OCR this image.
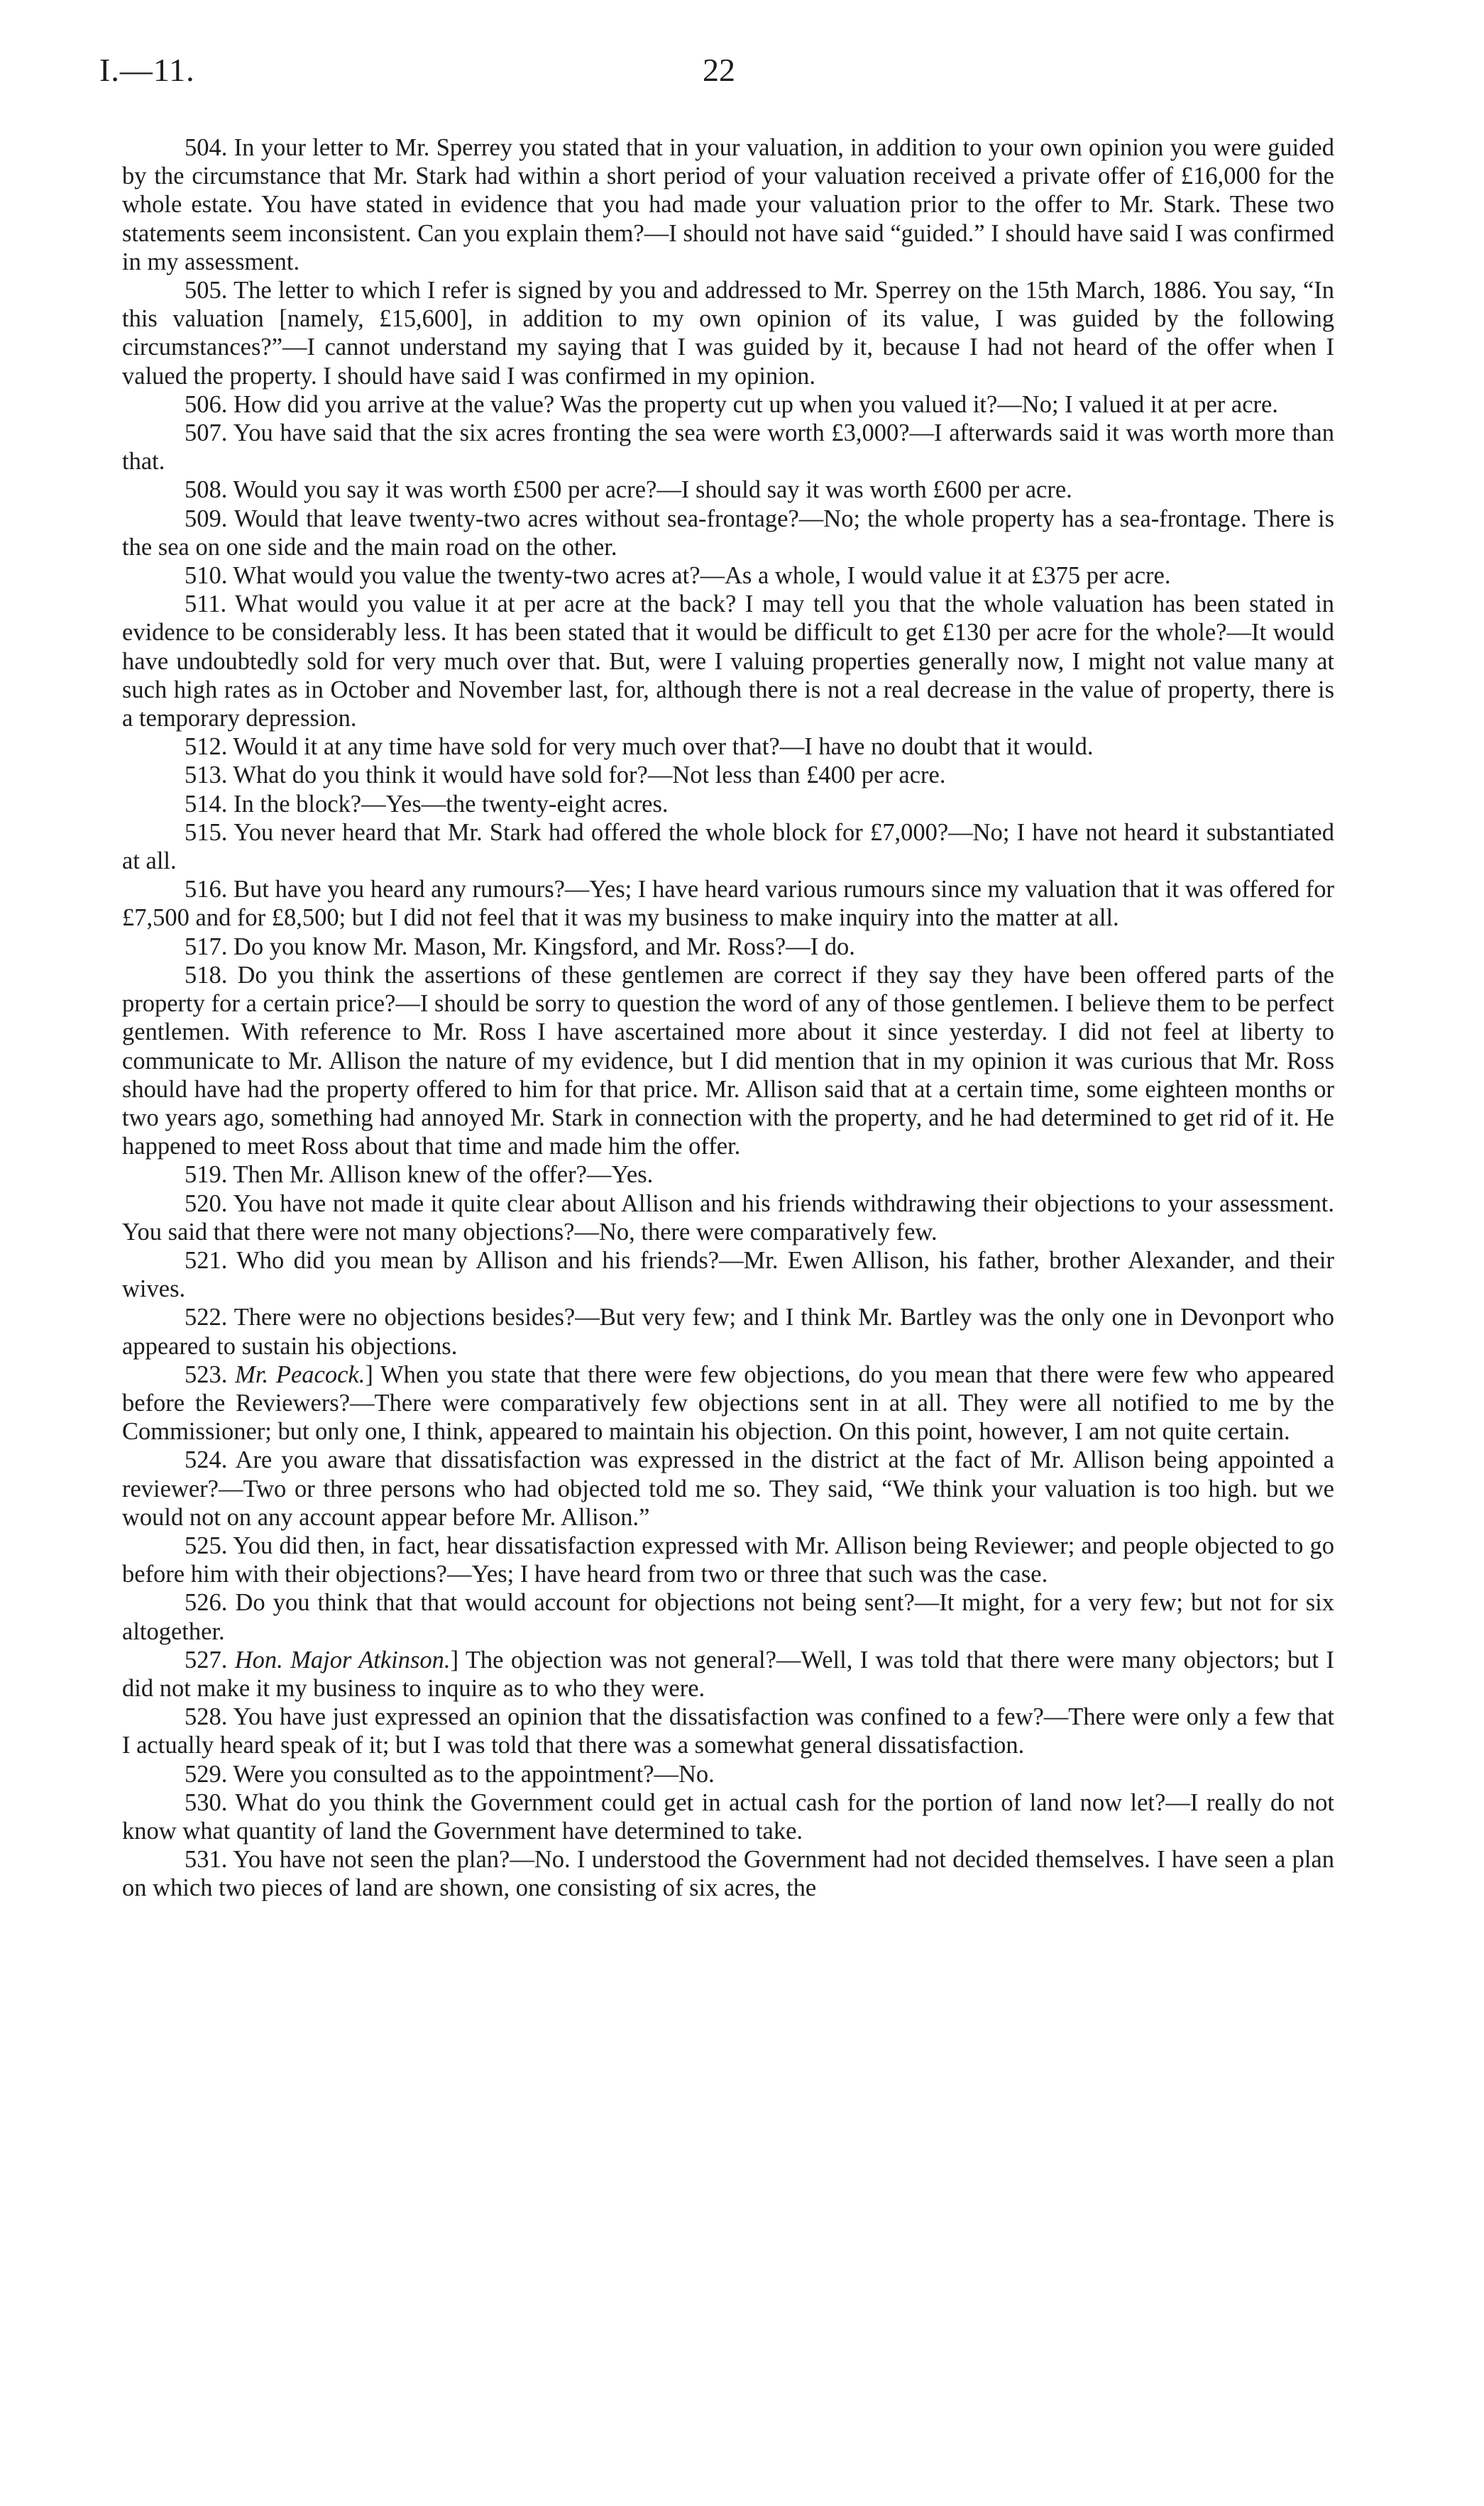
I.—11.	22

504. In your letter to Mr. Sperrey you stated that in your valuation, in addition to your own opinion you were guided by the circumstance that Mr. Stark had within a short period of your valuation received a private offer of £16,000 for the whole estate. You have stated in evidence that you had made your valuation prior to the offer to Mr. Stark. These two statements seem inconsistent. Can you explain them?—I should not have said “guided.” I should have said I was confirmed in my assessment.

505. The letter to which I refer is signed by you and addressed to Mr. Sperrey on the 15th March, 1886. You say, “In this valuation [namely, £15,600], in addition to my own opinion of its value, I was guided by the following circumstances?”—I cannot understand my saying that I was guided by it, because I had not heard of the offer when I valued the property. I should have said I was confirmed in my opinion.

506. How did you arrive at the value? Was the property cut up when you valued it?—No; I valued it at per acre.

507. You have said that the six acres fronting the sea were worth £3,000?—I afterwards said it was worth more than that.

508. Would you say it was worth £500 per acre?—I should say it was worth £600 per acre.

509. Would that leave twenty-two acres without sea-frontage?—No; the whole property has a sea-frontage. There is the sea on one side and the main road on the other.

510. What would you value the twenty-two acres at?—As a whole, I would value it at £375 per acre.

511. What would you value it at per acre at the back? I may tell you that the whole valuation has been stated in evidence to be considerably less. It has been stated that it would be difficult to get £130 per acre for the whole?—It would have undoubtedly sold for very much over that. But, were I valuing properties generally now, I might not value many at such high rates as in October and November last, for, although there is not a real decrease in the value of property, there is a temporary depression.

512. Would it at any time have sold for very much over that?—I have no doubt that it would.

513. What do you think it would have sold for?—Not less than £400 per acre.

514. In the block?—Yes—the twenty-eight acres.

515. You never heard that Mr. Stark had offered the whole block for £7,000?—No; I have not heard it substantiated at all.

516. But have you heard any rumours?—Yes; I have heard various rumours since my valuation that it was offered for £7,500 and for £8,500; but I did not feel that it was my business to make inquiry into the matter at all.

517. Do you know Mr. Mason, Mr. Kingsford, and Mr. Ross?—I do.

518. Do you think the assertions of these gentlemen are correct if they say they have been offered parts of the property for a certain price?—I should be sorry to question the word of any of those gentlemen. I believe them to be perfect gentlemen. With reference to Mr. Ross I have ascertained more about it since yesterday. I did not feel at liberty to communicate to Mr. Allison the nature of my evidence, but I did mention that in my opinion it was curious that Mr. Ross should have had the property offered to him for that price. Mr. Allison said that at a certain time, some eighteen months or two years ago, something had annoyed Mr. Stark in connection with the property, and he had determined to get rid of it. He happened to meet Ross about that time and made him the offer.

519. Then Mr. Allison knew of the offer?—Yes.

520. You have not made it quite clear about Allison and his friends withdrawing their objections to your assessment. You said that there were not many objections?—No, there were comparatively few.

521. Who did you mean by Allison and his friends?—Mr. Ewen Allison, his father, brother Alexander, and their wives.

522. There were no objections besides?—But very few; and I think Mr. Bartley was the only one in Devonport who appeared to sustain his objections.

523. Mr. Peacock.] When you state that there were few objections, do you mean that there were few who appeared before the Reviewers?—There were comparatively few objections sent in at all. They were all notified to me by the Commissioner; but only one, I think, appeared to maintain his objection. On this point, however, I am not quite certain.

524. Are you aware that dissatisfaction was expressed in the district at the fact of Mr. Allison being appointed a reviewer?—Two or three persons who had objected told me so. They said, “We think your valuation is too high. but we would not on any account appear before Mr. Allison.”

525. You did then, in fact, hear dissatisfaction expressed with Mr. Allison being Reviewer; and people objected to go before him with their objections?—Yes; I have heard from two or three that such was the case.

526. Do you think that that would account for objections not being sent?—It might, for a very few; but not for six altogether.

527. Hon. Major Atkinson.] The objection was not general?—Well, I was told that there were many objectors; but I did not make it my business to inquire as to who they were.

528. You have just expressed an opinion that the dissatisfaction was confined to a few?—There were only a few that I actually heard speak of it; but I was told that there was a somewhat general dissatisfaction.

529. Were you consulted as to the appointment?—No.

530. What do you think the Government could get in actual cash for the portion of land now let?—I really do not know what quantity of land the Government have determined to take.

531. You have not seen the plan?—No. I understood the Government had not decided themselves. I have seen a plan on which two pieces of land are shown, one consisting of six acres, the
